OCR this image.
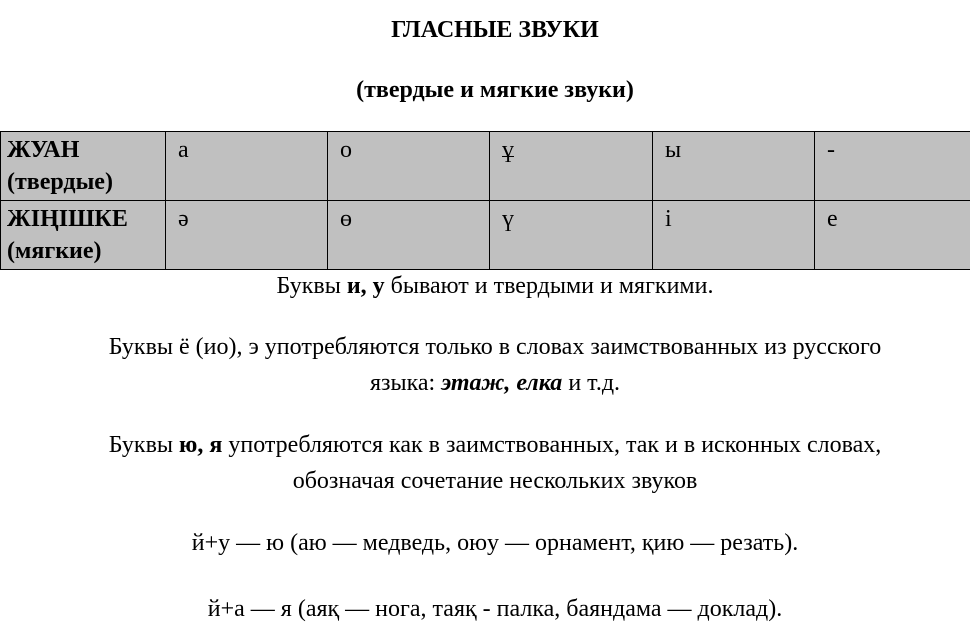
ГЛАСНЫЕ ЗВУКИ
(твердые и мягкие звуки)
ЖУАН
(твердые)	а	о	ұ	ы	-
ЖІҢІШКЕ
(мягкие)	ә	ө	ү	і	е
Буквы и, у бывают и твердыми и мягкими.
Буквы ё (ио), э употребляются только в словах заимствованных из русского
языка: этаж, елка и т.д.
Буквы ю, я употребляются как в заимствованных, так и в исконных словах,
обозначая сочетание нескольких звуков
й+у — ю (аю — медведь, оюу — орнамент, қию — резать).
й+а — я (аяқ — нога, таяқ - палка, баяндама — доклад).
